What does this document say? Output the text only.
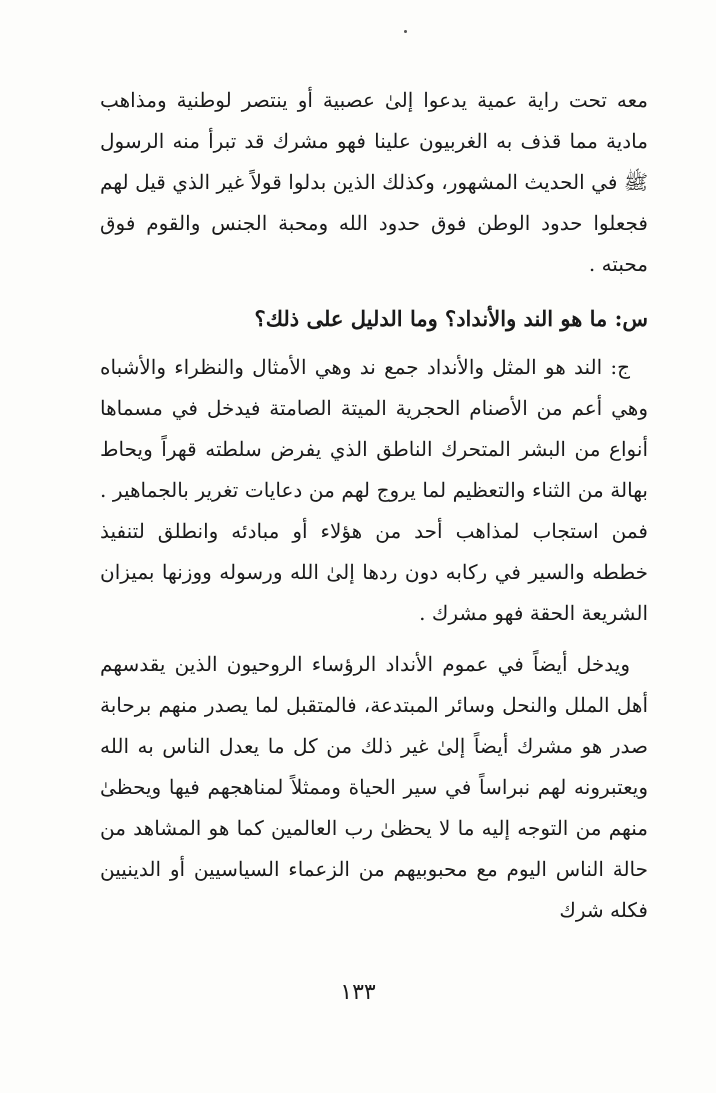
معه تحت راية عمية يدعوا إلىٰ عصبية أو ينتصر لوطنية ومذاهب مادية مما قذف به الغربيون علينا فهو مشرك قد تبرأ منه الرسول ﷺ في الحديث المشهور، وكذلك الذين بدلوا قولاً غير الذي قيل لهم فجعلوا حدود الوطن فوق حدود الله ومحبة الجنس والقوم فوق محبته .

س: ما هو الند والأنداد؟ وما الدليل على ذلك؟

ج: الند هو المثل والأنداد جمع ند وهي الأمثال والنظراء والأشباه وهي أعم من الأصنام الحجرية الميتة الصامتة فيدخل في مسماها أنواع من البشر المتحرك الناطق الذي يفرض سلطته قهراً ويحاط بهالة من الثناء والتعظيم لما يروج لهم من دعايات تغرير بالجماهير . فمن استجاب لمذاهب أحد من هؤلاء أو مبادئه وانطلق لتنفيذ خططه والسير في ركابه دون ردها إلىٰ الله ورسوله ووزنها بميزان الشريعة الحقة فهو مشرك .

ويدخل أيضاً في عموم الأنداد الرؤساء الروحيون الذين يقدسهم أهل الملل والنحل وسائر المبتدعة، فالمتقبل لما يصدر منهم برحابة صدر هو مشرك أيضاً إلىٰ غير ذلك من كل ما يعدل الناس به الله ويعتبرونه لهم نبراساً في سير الحياة وممثلاً لمناهجهم فيها ويحظىٰ منهم من التوجه إليه ما لا يحظىٰ رب العالمين كما هو المشاهد من حالة الناس اليوم مع محبوبيهم من الزعماء السياسيين أو الدينيين فكله شرك

١٣٣
